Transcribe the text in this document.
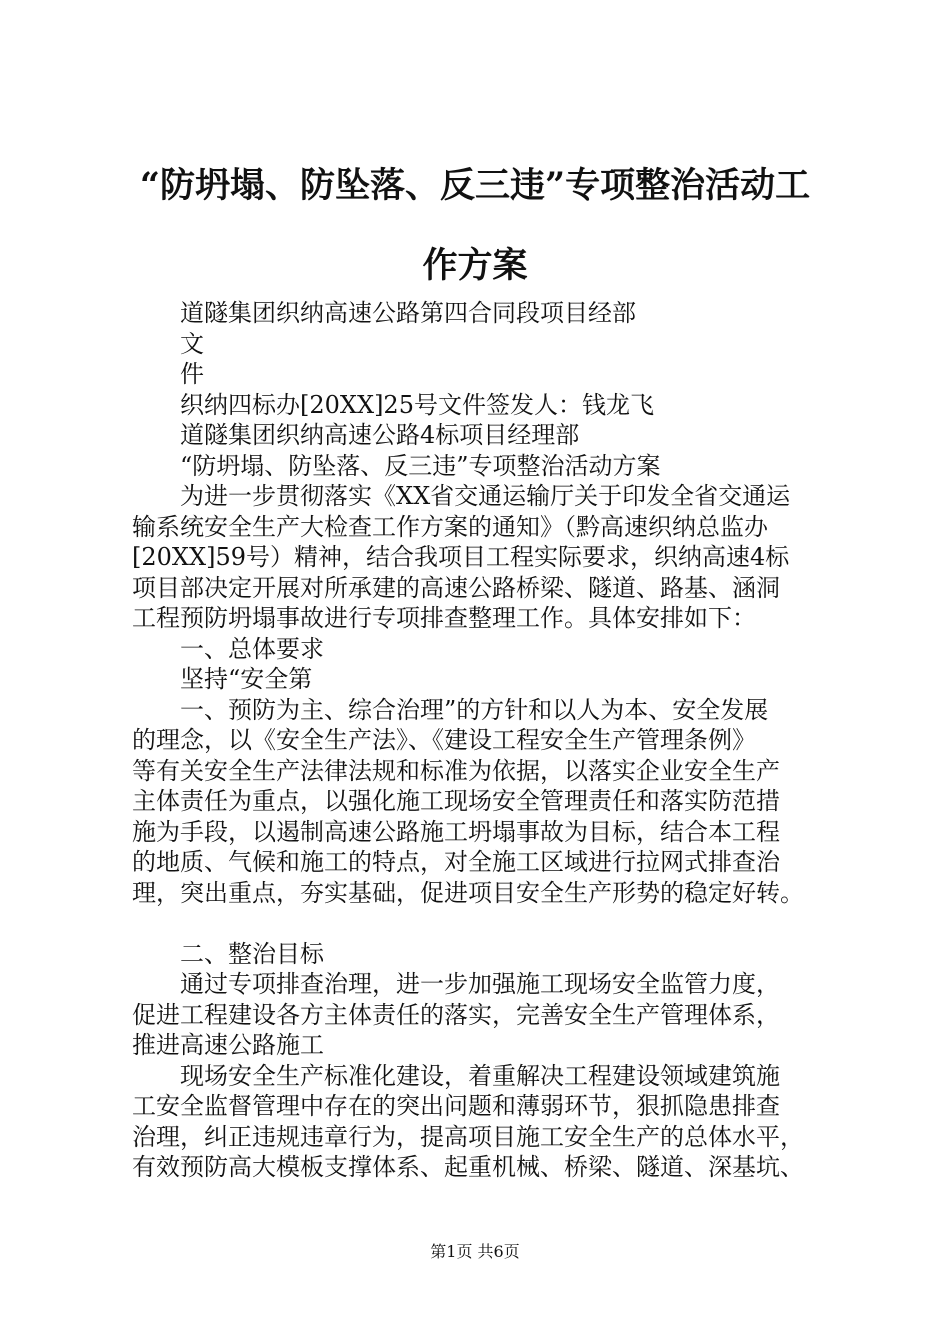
“防坍塌、防坠落、反三违”专项整治活动工
作方案
道隧集团织纳高速公路第四合同段项目经部
文
件
织纳四标办[20XX]25号文件签发人：钱龙飞
道隧集团织纳高速公路4标项目经理部
“防坍塌、防坠落、反三违”专项整治活动方案
为进一步贯彻落实《XX省交通运输厅关于印发全省交通运
输系统安全生产大检查工作方案的通知》（黔高速织纳总监办
[20XX]59号）精神，结合我项目工程实际要求，织纳高速4标
项目部决定开展对所承建的高速公路桥梁、隧道、路基、涵洞
工程预防坍塌事故进行专项排查整理工作。具体安排如下：
一、总体要求
坚持“安全第
一、预防为主、综合治理”的方针和以人为本、安全发展
的理念，以《安全生产法》、《建设工程安全生产管理条例》
等有关安全生产法律法规和标准为依据，以落实企业安全生产
主体责任为重点，以强化施工现场安全管理责任和落实防范措
施为手段，以遏制高速公路施工坍塌事故为目标，结合本工程
的地质、气候和施工的特点，对全施工区域进行拉网式排查治
理，突出重点，夯实基础，促进项目安全生产形势的稳定好转。
二、整治目标
通过专项排查治理，进一步加强施工现场安全监管力度，
促进工程建设各方主体责任的落实，完善安全生产管理体系，
推进高速公路施工
现场安全生产标准化建设，着重解决工程建设领域建筑施
工安全监督管理中存在的突出问题和薄弱环节，狠抓隐患排查
治理，纠正违规违章行为，提高项目施工安全生产的总体水平，
有效预防高大模板支撑体系、起重机械、桥梁、隧道、深基坑、
第1页 共6页
